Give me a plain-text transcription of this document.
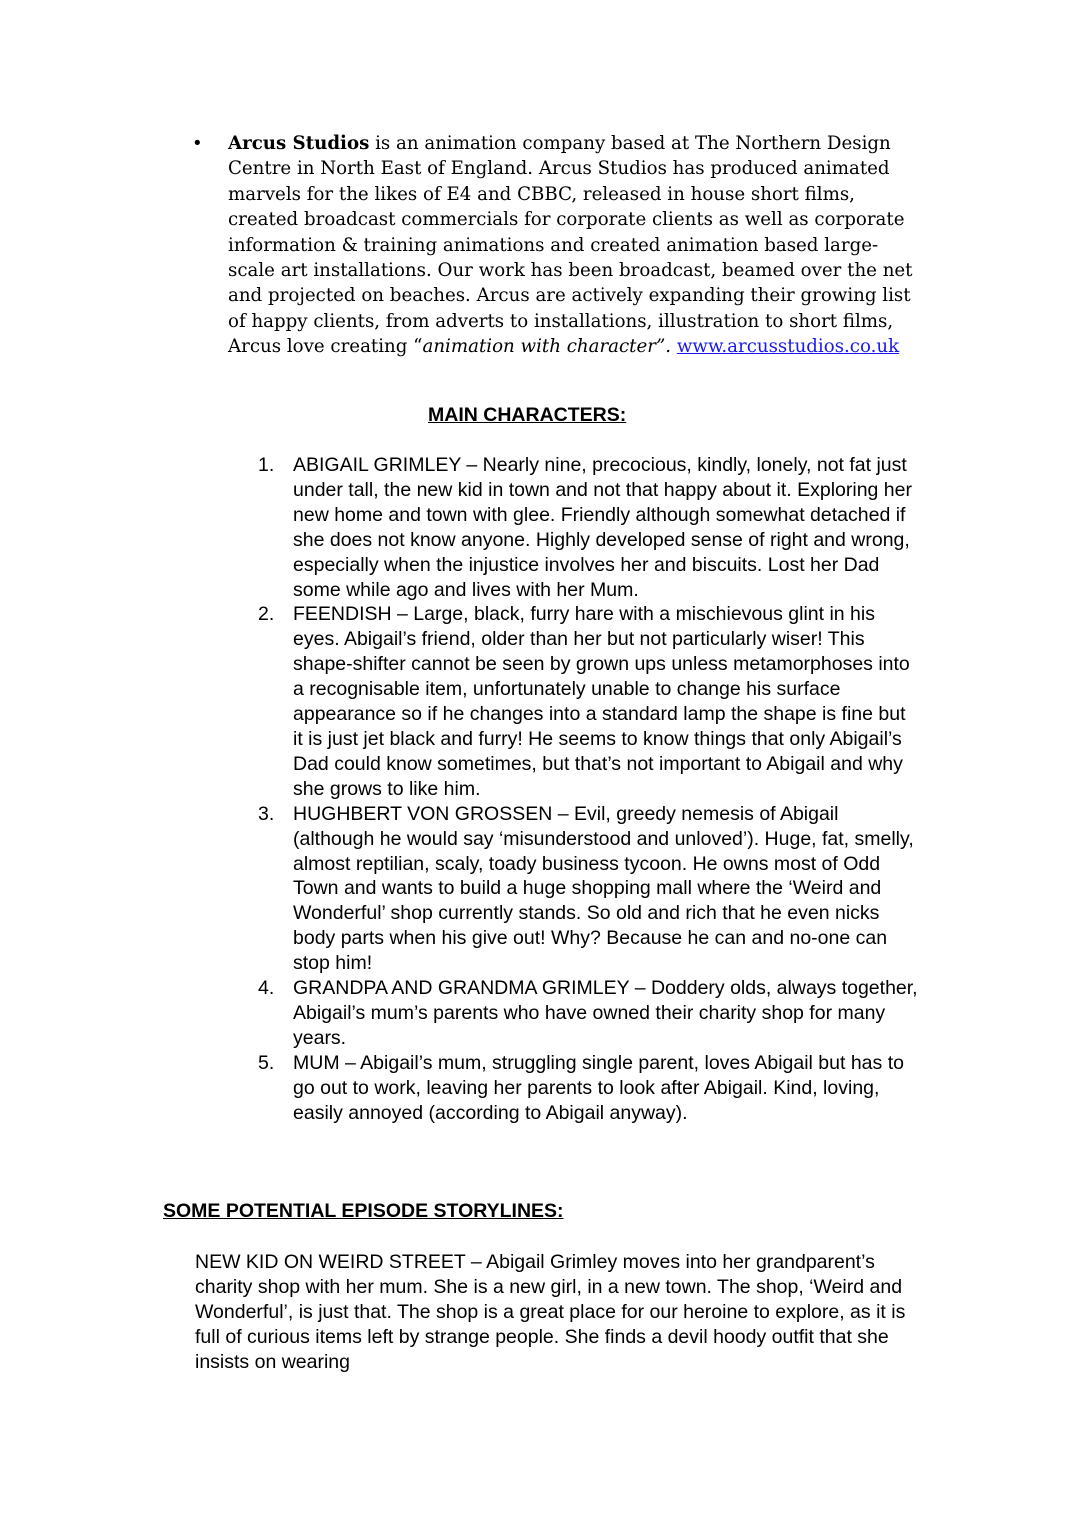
• Arcus Studios is an animation company based at The Northern Design Centre in North East of England. Arcus Studios has produced animated marvels for the likes of E4 and CBBC, released in house short films, created broadcast commercials for corporate clients as well as corporate information & training animations and created animation based large-scale art installations. Our work has been broadcast, beamed over the net and projected on beaches. Arcus are actively expanding their growing list of happy clients, from adverts to installations, illustration to short films, Arcus love creating “animation with character”. www.arcusstudios.co.uk
MAIN CHARACTERS:
1. ABIGAIL GRIMLEY – Nearly nine, precocious, kindly, lonely, not fat just under tall, the new kid in town and not that happy about it. Exploring her new home and town with glee. Friendly although somewhat detached if she does not know anyone. Highly developed sense of right and wrong, especially when the injustice involves her and biscuits. Lost her Dad some while ago and lives with her Mum.
2. FEENDISH – Large, black, furry hare with a mischievous glint in his eyes. Abigail’s friend, older than her but not particularly wiser! This shape-shifter cannot be seen by grown ups unless metamorphoses into a recognisable item, unfortunately unable to change his surface appearance so if he changes into a standard lamp the shape is fine but it is just jet black and furry! He seems to know things that only Abigail’s Dad could know sometimes, but that’s not important to Abigail and why she grows to like him.
3. HUGHBERT VON GROSSEN – Evil, greedy nemesis of Abigail (although he would say ‘misunderstood and unloved’). Huge, fat, smelly, almost reptilian, scaly, toady business tycoon. He owns most of Odd Town and wants to build a huge shopping mall where the ‘Weird and Wonderful’ shop currently stands. So old and rich that he even nicks body parts when his give out! Why? Because he can and no-one can stop him!
4. GRANDPA AND GRANDMA GRIMLEY – Doddery olds, always together, Abigail’s mum’s parents who have owned their charity shop for many years.
5. MUM – Abigail’s mum, struggling single parent, loves Abigail but has to go out to work, leaving her parents to look after Abigail. Kind, loving, easily annoyed (according to Abigail anyway).
SOME POTENTIAL EPISODE STORYLINES:
NEW KID ON WEIRD STREET – Abigail Grimley moves into her grandparent’s charity shop with her mum. She is a new girl, in a new town. The shop, ‘Weird and Wonderful’, is just that. The shop is a great place for our heroine to explore, as it is full of curious items left by strange people. She finds a devil hoody outfit that she insists on wearing
